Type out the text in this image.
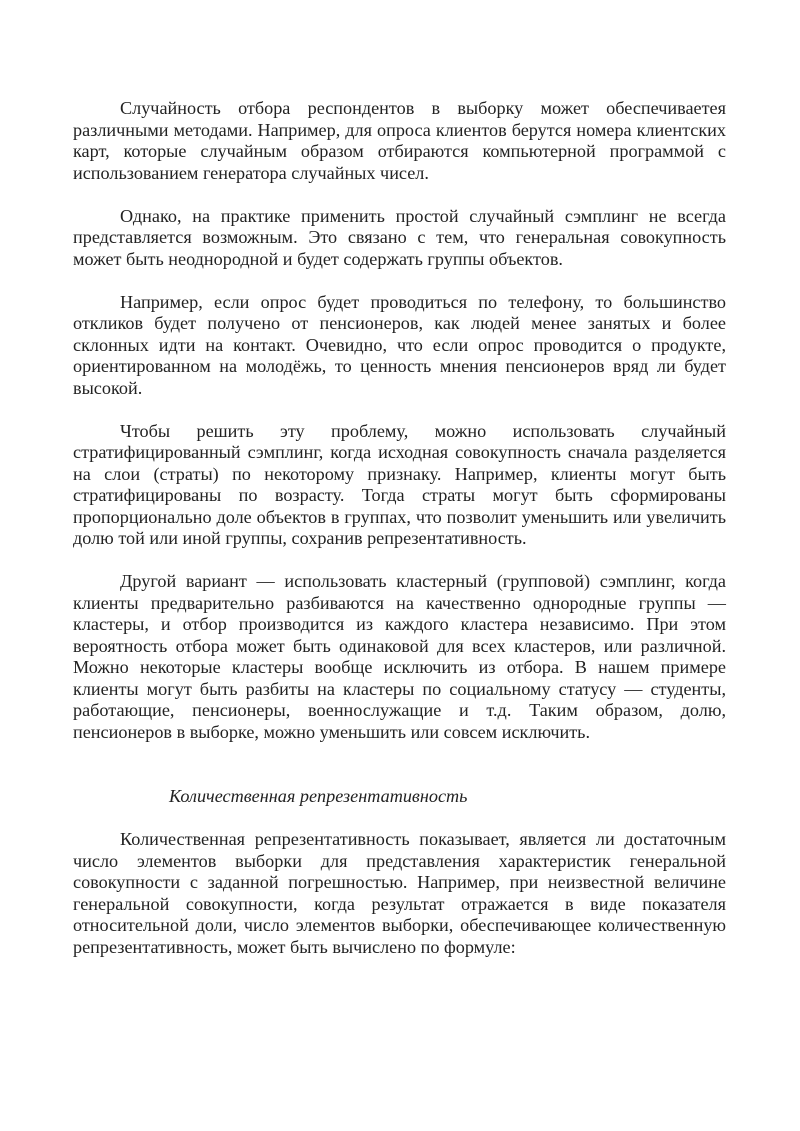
Случайность отбора респондентов в выборку может обеспечиваетея различными методами. Например, для опроса клиентов берутся номера клиентских карт, которые случайным образом отбираются компьютерной программой с использованием генератора случайных чисел.

Однако, на практике применить простой случайный сэмплинг не всегда представляется возможным. Это связано с тем, что генеральная совокупность может быть неоднородной и будет содержать группы объектов.

Например, если опрос будет проводиться по телефону, то большинство откликов будет получено от пенсионеров, как людей менее занятых и более склонных идти на контакт. Очевидно, что если опрос проводится о продукте, ориентированном на молодёжь, то ценность мнения пенсионеров вряд ли будет высокой.

Чтобы решить эту проблему, можно использовать случайный стратифицированный сэмплинг, когда исходная совокупность сначала разделяется на слои (страты) по некоторому признаку. Например, клиенты могут быть стратифицированы по возрасту. Тогда страты могут быть сформированы пропорционально доле объектов в группах, что позволит уменьшить или увеличить долю той или иной группы, сохранив репрезентативность.

Другой вариант — использовать кластерный (групповой) сэмплинг, когда клиенты предварительно разбиваются на качественно однородные группы — кластеры, и отбор производится из каждого кластера независимо. При этом вероятность отбора может быть одинаковой для всех кластеров, или различной. Можно некоторые кластеры вообще исключить из отбора. В нашем примере клиенты могут быть разбиты на кластеры по социальному статусу — студенты, работающие, пенсионеры, военнослужащие и т.д. Таким образом, долю, пенсионеров в выборке, можно уменьшить или совсем исключить.

Количественная репрезентативность

Количественная репрезентативность показывает, является ли достаточным число элементов выборки для представления характеристик генеральной совокупности с заданной погрешностью. Например, при неизвестной величине генеральной совокупности, когда результат отражается в виде показателя относительной доли, число элементов выборки, обеспечивающее количественную репрезентативность, может быть вычислено по формуле:
